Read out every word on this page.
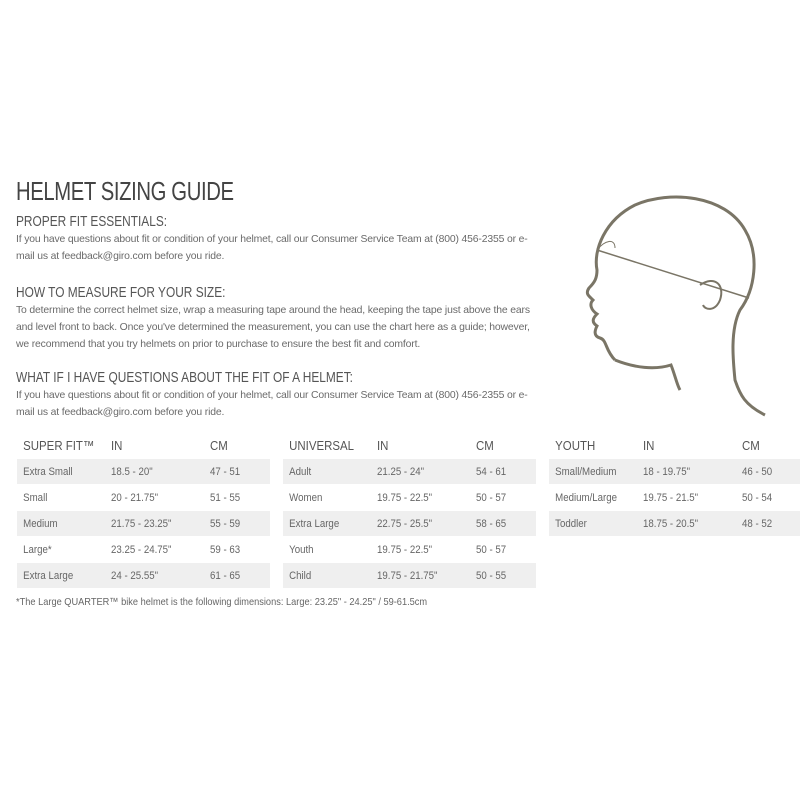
HELMET SIZING GUIDE
PROPER FIT ESSENTIALS:

If you have questions about fit or condition of your helmet, call our Consumer Service Team at (800) 456-2355 or e-mail us at feedback@giro.com before you ride.

HOW TO MEASURE FOR YOUR SIZE:

To determine the correct helmet size, wrap a measuring tape around the head, keeping the tape just above the ears and level front to back. Once you've determined the measurement, you can use the chart here as a guide; however, we recommend that you try helmets on prior to purchase to ensure the best fit and comfort.

WHAT IF I HAVE QUESTIONS ABOUT THE FIT OF A HELMET:

If you have questions about fit or condition of your helmet, call our Consumer Service Team at (800) 456-2355 or e-mail us at feedback@giro.com before you ride.

SUPER FIT™	IN	CM
Extra Small	18.5 - 20"	47 - 51
Small	20 - 21.75"	51 - 55
Medium	21.75 - 23.25"	55 - 59
Large*	23.25 - 24.75"	59 - 63
Extra Large	24 - 25.55"	61 - 65
UNIVERSAL	IN	CM
Adult	21.25 - 24"	54 - 61
Women	19.75 - 22.5"	50 - 57
Extra Large	22.75 - 25.5"	58 - 65
Youth	19.75 - 22.5"	50 - 57
Child	19.75 - 21.75"	50 - 55
YOUTH	IN	CM
Small/Medium	18 - 19.75"	46 - 50
Medium/Large	19.75 - 21.5"	50 - 54
Toddler	18.75 - 20.5"	48 - 52
*The Large QUARTER™ bike helmet is the following dimensions: Large: 23.25" - 24.25" / 59-61.5cm
